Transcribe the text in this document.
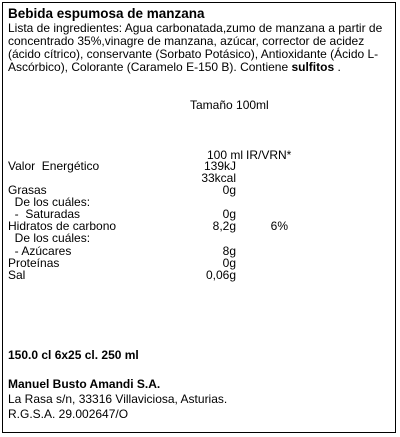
Bebida espumosa de manzana
Lista de ingredientes: Agua carbonatada,zumo de manzana a partir de concentrado 35%,vinagre de manzana, azúcar, corrector de acidez (ácido cítrico), conservante (Sorbato Potásico), Antioxidante (Ácido L-Ascórbico), Colorante (Caramelo E-150 B). Contiene sulfitos .
Tamaño 100ml
100 ml IR/VRN*
Valor  Energético	139kJ
33kcal
Grasas	0g
De los cuáles:
-  Saturadas	0g
Hidratos de carbono	8,2g	6%
De los cuáles:
- Azúcares	8g
Proteínas	0g
Sal	0,06g
150.0 cl 6x25 cl. 250 ml
Manuel Busto Amandi S.A.
La Rasa s/n, 33316 Villaviciosa, Asturias.
R.G.S.A. 29.002647/O
